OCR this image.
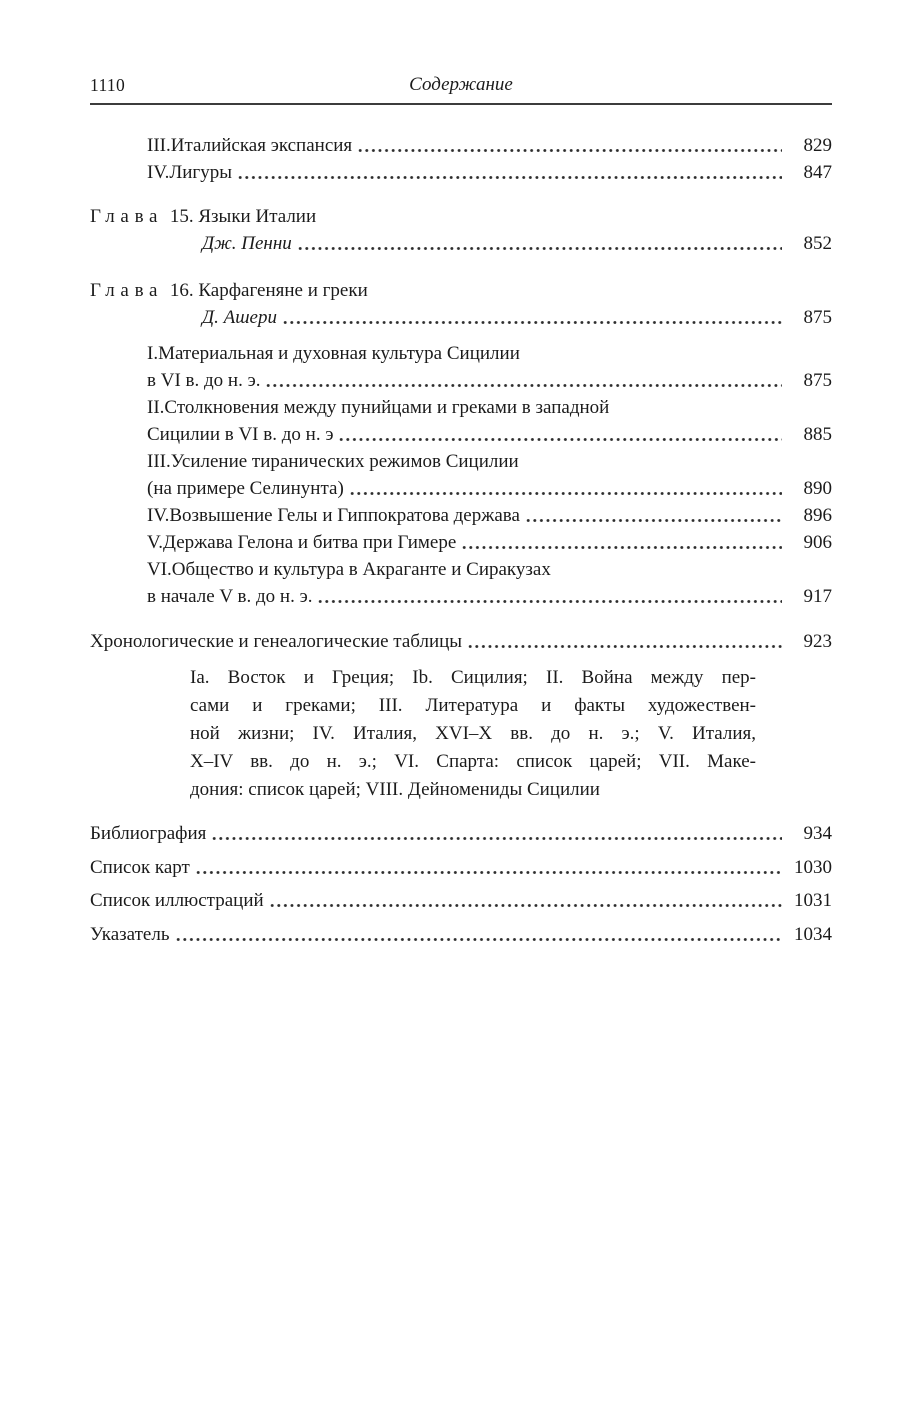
1110	Содержание
III.Италийская экспансия	829
IV.Лигуры	847
Глава 15. Языки Италии
Дж. Пенни	852
Глава 16. Карфагеняне и греки
Д. Ашери	875
I.Материальная и духовная культура Сицилии
в VI в. до н. э.	875
II.Столкновения между пунийцами и греками в западной
Сицилии в VI в. до н. э	885
III.Усиление тиранических режимов Сицилии
(на примере Селинунта)	890
IV.Возвышение Гелы и Гиппократова держава	896
V.Держава Гелона и битва при Гимере	906
VI.Общество и культура в Акраганте и Сиракузах
в начале V в. до н. э.	917
Хронологические и генеалогические таблицы	923
Ia. Восток и Греция; Ib. Сицилия; II. Война между пер-
сами и греками; III. Литература и факты художествен-
ной жизни; IV. Италия, XVI–X вв. до н. э.; V. Италия,
X–IV вв. до н. э.; VI. Спарта: список царей; VII. Маке-
дония: список царей; VIII. Дейномениды Сицилии
Библиография	934
Список карт	1030
Список иллюстраций	1031
Указатель	1034
